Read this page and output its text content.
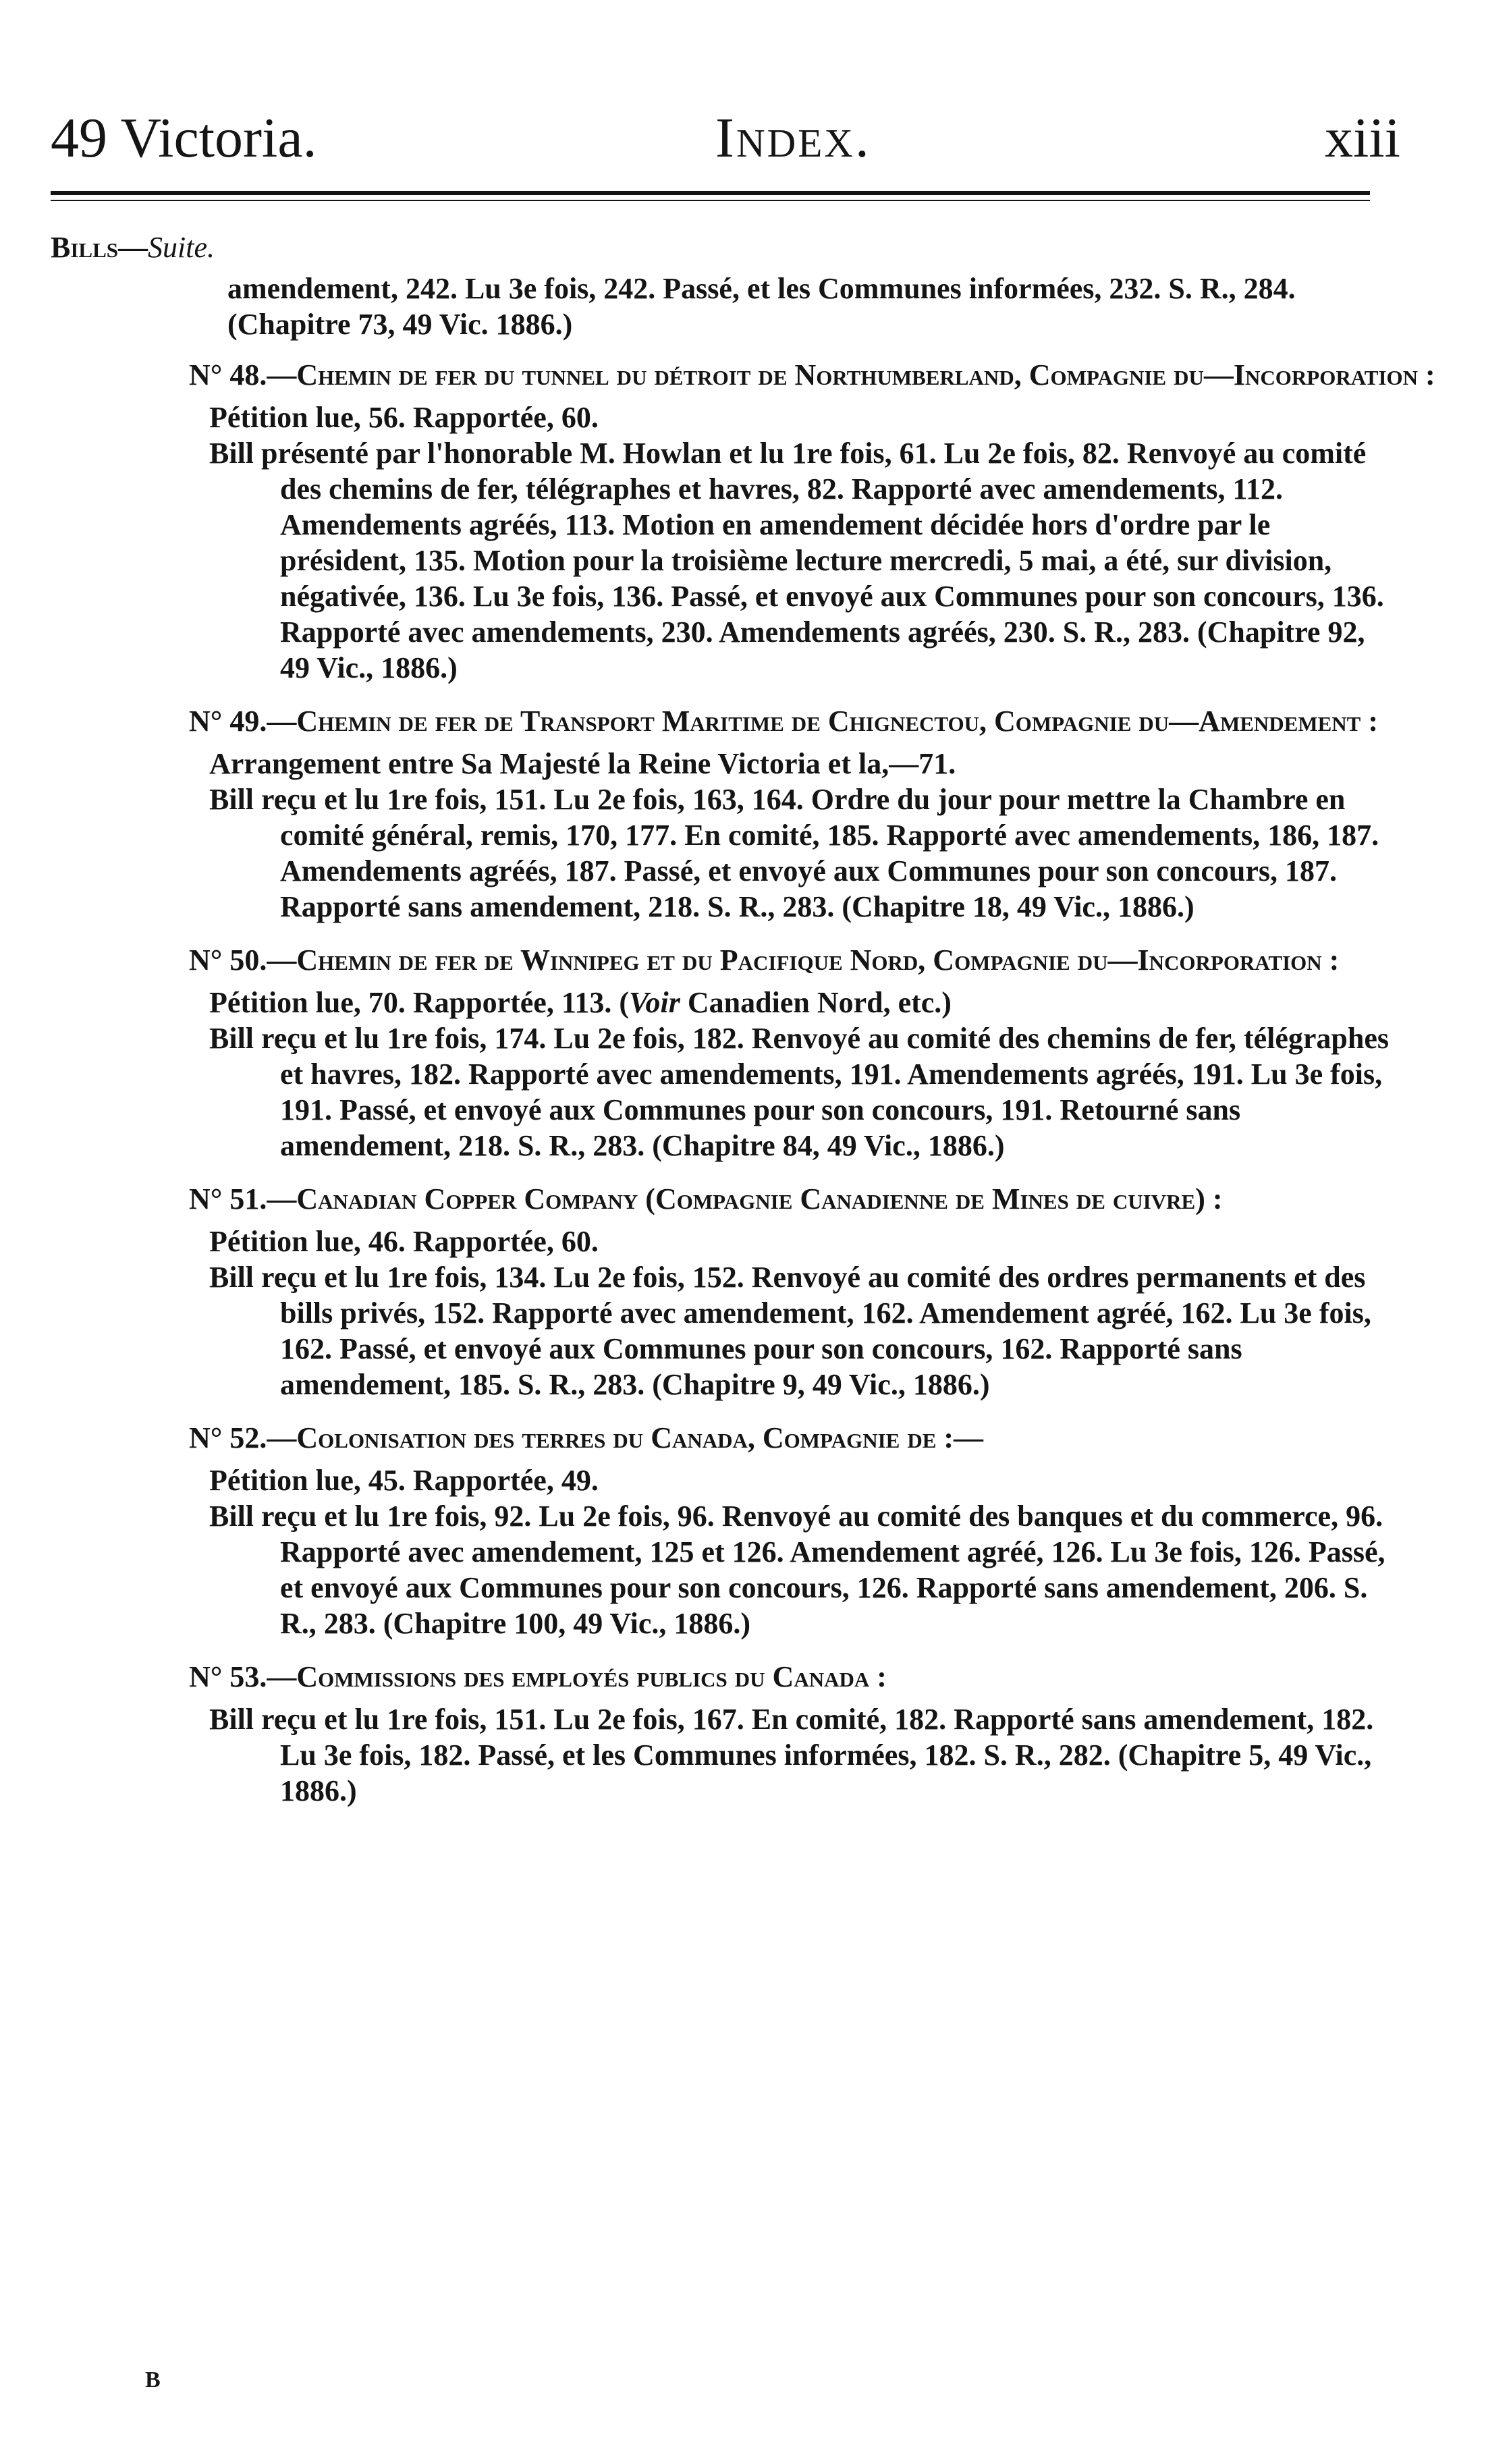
49 Victoria.	Index.	xiii
Bills—Suite.
amendement, 242. Lu 3e fois, 242. Passé, et les Communes informées, 232. S. R., 284. (Chapitre 73, 49 Vic. 1886.)
N° 48.—Chemin de fer du tunnel du détroit de Northumberland, Compagnie du—Incorporation :

Pétition lue, 56. Rapportée, 60.

Bill présenté par l'honorable M. Howlan et lu 1re fois, 61. Lu 2e fois, 82. Renvoyé au comité des chemins de fer, télégraphes et havres, 82. Rapporté avec amendements, 112. Amendements agréés, 113. Motion en amendement décidée hors d'ordre par le président, 135. Motion pour la troisième lecture mercredi, 5 mai, a été, sur division, négativée, 136. Lu 3e fois, 136. Passé, et envoyé aux Communes pour son concours, 136. Rapporté avec amendements, 230. Amendements agréés, 230. S. R., 283. (Chapitre 92, 49 Vic., 1886.)

N° 49.—Chemin de fer de Transport Maritime de Chignectou, Compagnie du—Amendement :

Arrangement entre Sa Majesté la Reine Victoria et la,—71.

Bill reçu et lu 1re fois, 151. Lu 2e fois, 163, 164. Ordre du jour pour mettre la Chambre en comité général, remis, 170, 177. En comité, 185. Rapporté avec amendements, 186, 187. Amendements agréés, 187. Passé, et envoyé aux Communes pour son concours, 187. Rapporté sans amendement, 218. S. R., 283. (Chapitre 18, 49 Vic., 1886.)

N° 50.—Chemin de fer de Winnipeg et du Pacifique Nord, Compagnie du—Incorporation :

Pétition lue, 70. Rapportée, 113. (Voir Canadien Nord, etc.)

Bill reçu et lu 1re fois, 174. Lu 2e fois, 182. Renvoyé au comité des chemins de fer, télégraphes et havres, 182. Rapporté avec amendements, 191. Amendements agréés, 191. Lu 3e fois, 191. Passé, et envoyé aux Communes pour son concours, 191. Retourné sans amendement, 218. S. R., 283. (Chapitre 84, 49 Vic., 1886.)

N° 51.—Canadian Copper Company (Compagnie Canadienne de Mines de cuivre) :

Pétition lue, 46. Rapportée, 60.

Bill reçu et lu 1re fois, 134. Lu 2e fois, 152. Renvoyé au comité des ordres permanents et des bills privés, 152. Rapporté avec amendement, 162. Amendement agréé, 162. Lu 3e fois, 162. Passé, et envoyé aux Communes pour son concours, 162. Rapporté sans amendement, 185. S. R., 283. (Chapitre 9, 49 Vic., 1886.)

N° 52.—Colonisation des terres du Canada, Compagnie de :—

Pétition lue, 45. Rapportée, 49.

Bill reçu et lu 1re fois, 92. Lu 2e fois, 96. Renvoyé au comité des banques et du commerce, 96. Rapporté avec amendement, 125 et 126. Amendement agréé, 126. Lu 3e fois, 126. Passé, et envoyé aux Communes pour son concours, 126. Rapporté sans amendement, 206. S. R., 283. (Chapitre 100, 49 Vic., 1886.)

N° 53.—Commissions des employés publics du Canada :

Bill reçu et lu 1re fois, 151. Lu 2e fois, 167. En comité, 182. Rapporté sans amendement, 182. Lu 3e fois, 182. Passé, et les Communes informées, 182. S. R., 282. (Chapitre 5, 49 Vic., 1886.)

B
